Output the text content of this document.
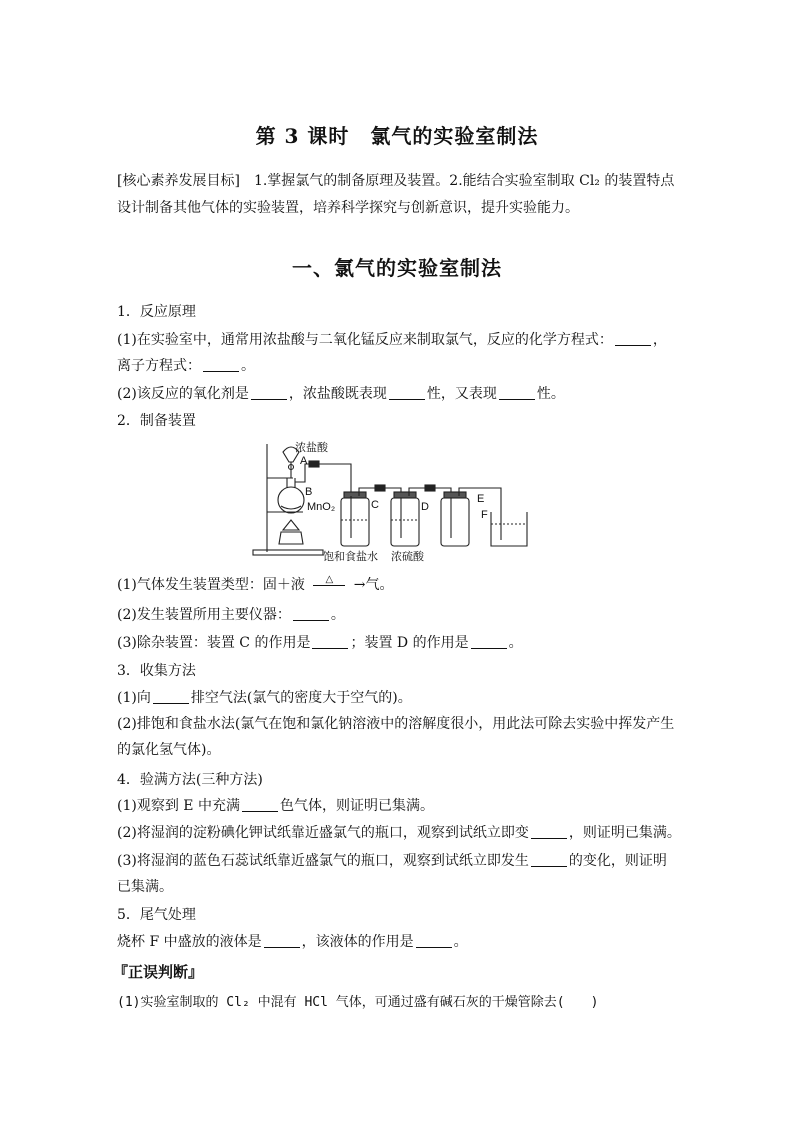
第 3 课时　氯气的实验室制法
[核心素养发展目标]　 1.掌握氯气的制备原理及装置。2.能结合实验室制取 Cl₂ 的装置特点设计制备其他气体的实验装置，培养科学探究与创新意识，提升实验能力。
一、氯气的实验室制法
1．反应原理
(1)在实验室中，通常用浓盐酸与二氧化锰反应来制取氯气，反应的化学方程式：	，离子方程式：	。
(2)该反应的氧化剂是	，浓盐酸既表现	性，又表现	性。
2．制备装置
浓盐酸
A
B
MnO₂	C	D
E
F
饱和食盐水 浓硫酸
(1)气体发生装置类型：固＋液 △ →气。
(2)发生装置所用主要仪器：	。
(3)除杂装置：装置 C 的作用是	；装置 D 的作用是	。
3．收集方法
(1)向	排空气法(氯气的密度大于空气的)。
(2)排饱和食盐水法(氯气在饱和氯化钠溶液中的溶解度很小，用此法可除去实验中挥发产生的氯化氢气体)。
4．验满方法(三种方法)
(1)观察到 E 中充满	色气体，则证明已集满。
(2)将湿润的淀粉碘化钾试纸靠近盛氯气的瓶口，观察到试纸立即变	，则证明已集满。
(3)将湿润的蓝色石蕊试纸靠近盛氯气的瓶口，观察到试纸立即发生	的变化，则证明已集满。
5．尾气处理
烧杯 F 中盛放的液体是	，该液体的作用是	。
『正误判断』
(1)实验室制取的 Cl₂ 中混有 HCl 气体，可通过盛有碱石灰的干燥管除去(　　)
